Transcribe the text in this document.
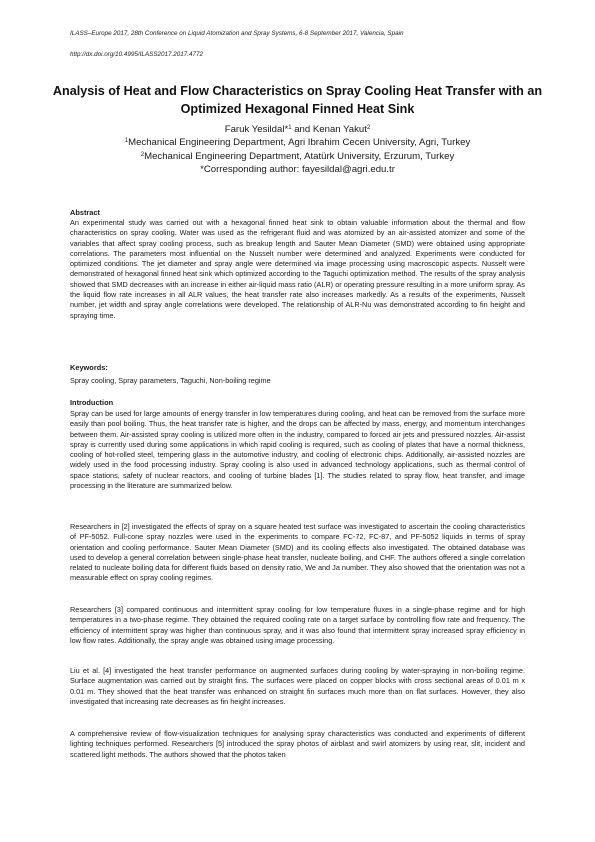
ILASS–Europe 2017, 28th Conference on Liquid Atomization and Spray Systems, 6-8 September 2017, Valencia, Spain
http://dx.doi.org/10.4995/ILASS2017.2017.4772
Analysis of Heat and Flow Characteristics on Spray Cooling Heat Transfer with an Optimized Hexagonal Finned Heat Sink
Faruk Yesildal*$^1$ and Kenan Yakut$^2$
$^1$Mechanical Engineering Department, Agri Ibrahim Cecen University, Agri, Turkey
$^2$Mechanical Engineering Department, Atatürk University, Erzurum, Turkey
*Corresponding author: fayesildal@agri.edu.tr
Abstract

An experimental study was carried out with a hexagonal finned heat sink to obtain valuable information about the thermal and flow characteristics on spray cooling. Water was used as the refrigerant fluid and was atomized by an air-assisted atomizer and some of the variables that affect spray cooling process, such as breakup length and Sauter Mean Diameter (SMD) were obtained using appropriate correlations. The parameters most influential on the Nusselt number were determined and analyzed. Experiments were conducted for optimized conditions. The jet diameter and spray angle were determined via image processing using macroscopic aspects. Nusselt were demonstrated of hexagonal finned heat sink which optimized according to the Taguchi optimization method. The results of the spray analysis showed that SMD decreases with an increase in either air-liquid mass ratio (ALR) or operating pressure resulting in a more uniform spray. As the liquid flow rate increases in all ALR values, the heat transfer rate also increases markedly. As a results of the experiments, Nusselt number, jet width and spray angle correlations were developed. The relationship of ALR-Nu was demonstrated according to fin height and spraying time.

Keywords:
Spray cooling, Spray parameters, Taguchi, Non-boiling regime
Introduction

Spray can be used for large amounts of energy transfer in low temperatures during cooling, and heat can be removed from the surface more easily than pool boiling. Thus, the heat transfer rate is higher, and the drops can be affected by mass, energy, and momentum interchanges between them. Air-assisted spray cooling is utilized more often in the industry, compared to forced air jets and pressured nozzles. Air-assist spray is currently used during some applications in which rapid cooling is required, such as cooling of plates that have a normal thickness, cooling of hot-rolled steel, tempering glass in the automotive industry, and cooling of electronic chips. Additionally, air-assisted nozzles are widely used in the food processing industry. Spray cooling is also used in advanced technology applications, such as thermal control of space stations, safety of nuclear reactors, and cooling of turbine blades [1]. The studies related to spray flow, heat transfer, and image processing in the literature are summarized below.

Researchers in [2] investigated the effects of spray on a square heated test surface was investigated to ascertain the cooling characteristics of PF-5052. Full-cone spray nozzles were used in the experiments to compare FC-72, FC-87, and PF-5052 liquids in terms of spray orientation and cooling performance. Sauter Mean Diameter (SMD) and its cooling effects also investigated. The obtained database was used to develop a general correlation between single-phase heat transfer, nucleate boiling, and CHF. The authors offered a single correlation related to nucleate boiling data for different fluids based on density ratio, We and Ja number. They also showed that the orientation was not a measurable effect on spray cooling regimes.

Researchers [3] compared continuous and intermittent spray cooling for low temperature fluxes in a single-phase regime and for high temperatures in a two-phase regime. They obtained the required cooling rate on a target surface by controlling flow rate and frequency. The efficiency of intermittent spray was higher than continuous spray, and it was also found that intermittent spray increased spray efficiency in low flow rates. Additionally, the spray angle was obtained using image processing.

Liu et al. [4] investigated the heat transfer performance on augmented surfaces during cooling by water-spraying in non-boiling regime. Surface augmentation was carried out by straight fins. The surfaces were placed on copper blocks with cross sectional areas of 0.01 m x 0.01 m. They showed that the heat transfer was enhanced on straight fin surfaces much more than on flat surfaces. However, they also investigated that increasing rate decreases as fin height increases.

A comprehensive review of flow-visualization techniques for analysing spray characteristics was conducted and experiments of different lighting techniques performed. Researchers [5] introduced the spray photos of airblast and swirl atomizers by using rear, slit, incident and scattered light methods. The authors showed that the photos taken
